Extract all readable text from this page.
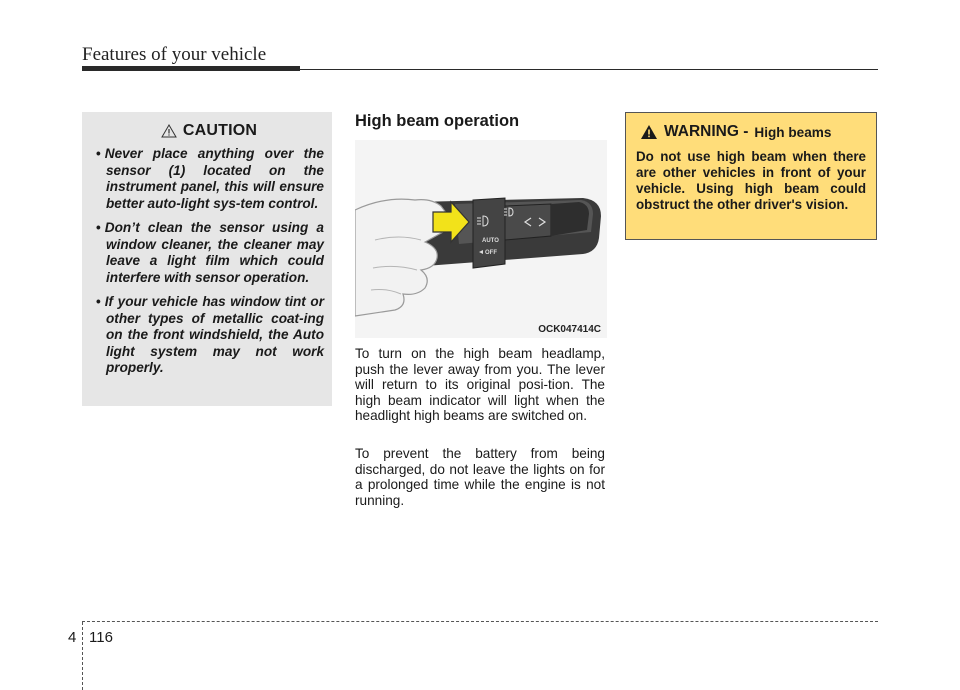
Features of your vehicle
CAUTION
• Never place anything over the sensor (1) located on the instrument panel, this will ensure better auto-light sys-tem control.
• Don’t clean the sensor using a window cleaner, the cleaner may leave a light film which could interfere with sensor operation.
• If your vehicle has window tint or other types of metallic coat-ing on the front windshield, the Auto light system may not work properly.
High beam operation
AUTO
OFF
OCK047414C

To turn on the high beam headlamp, push the lever away from you. The lever will return to its original posi-tion. The high beam indicator will light when the headlight high beams are switched on.

To prevent the battery from being discharged, do not leave the lights on for a prolonged time while the engine is not running.

WARNING - High beams

Do not use high beam when there are other vehicles in front of your vehicle. Using high beam could obstruct the other driver's vision.

4 116
